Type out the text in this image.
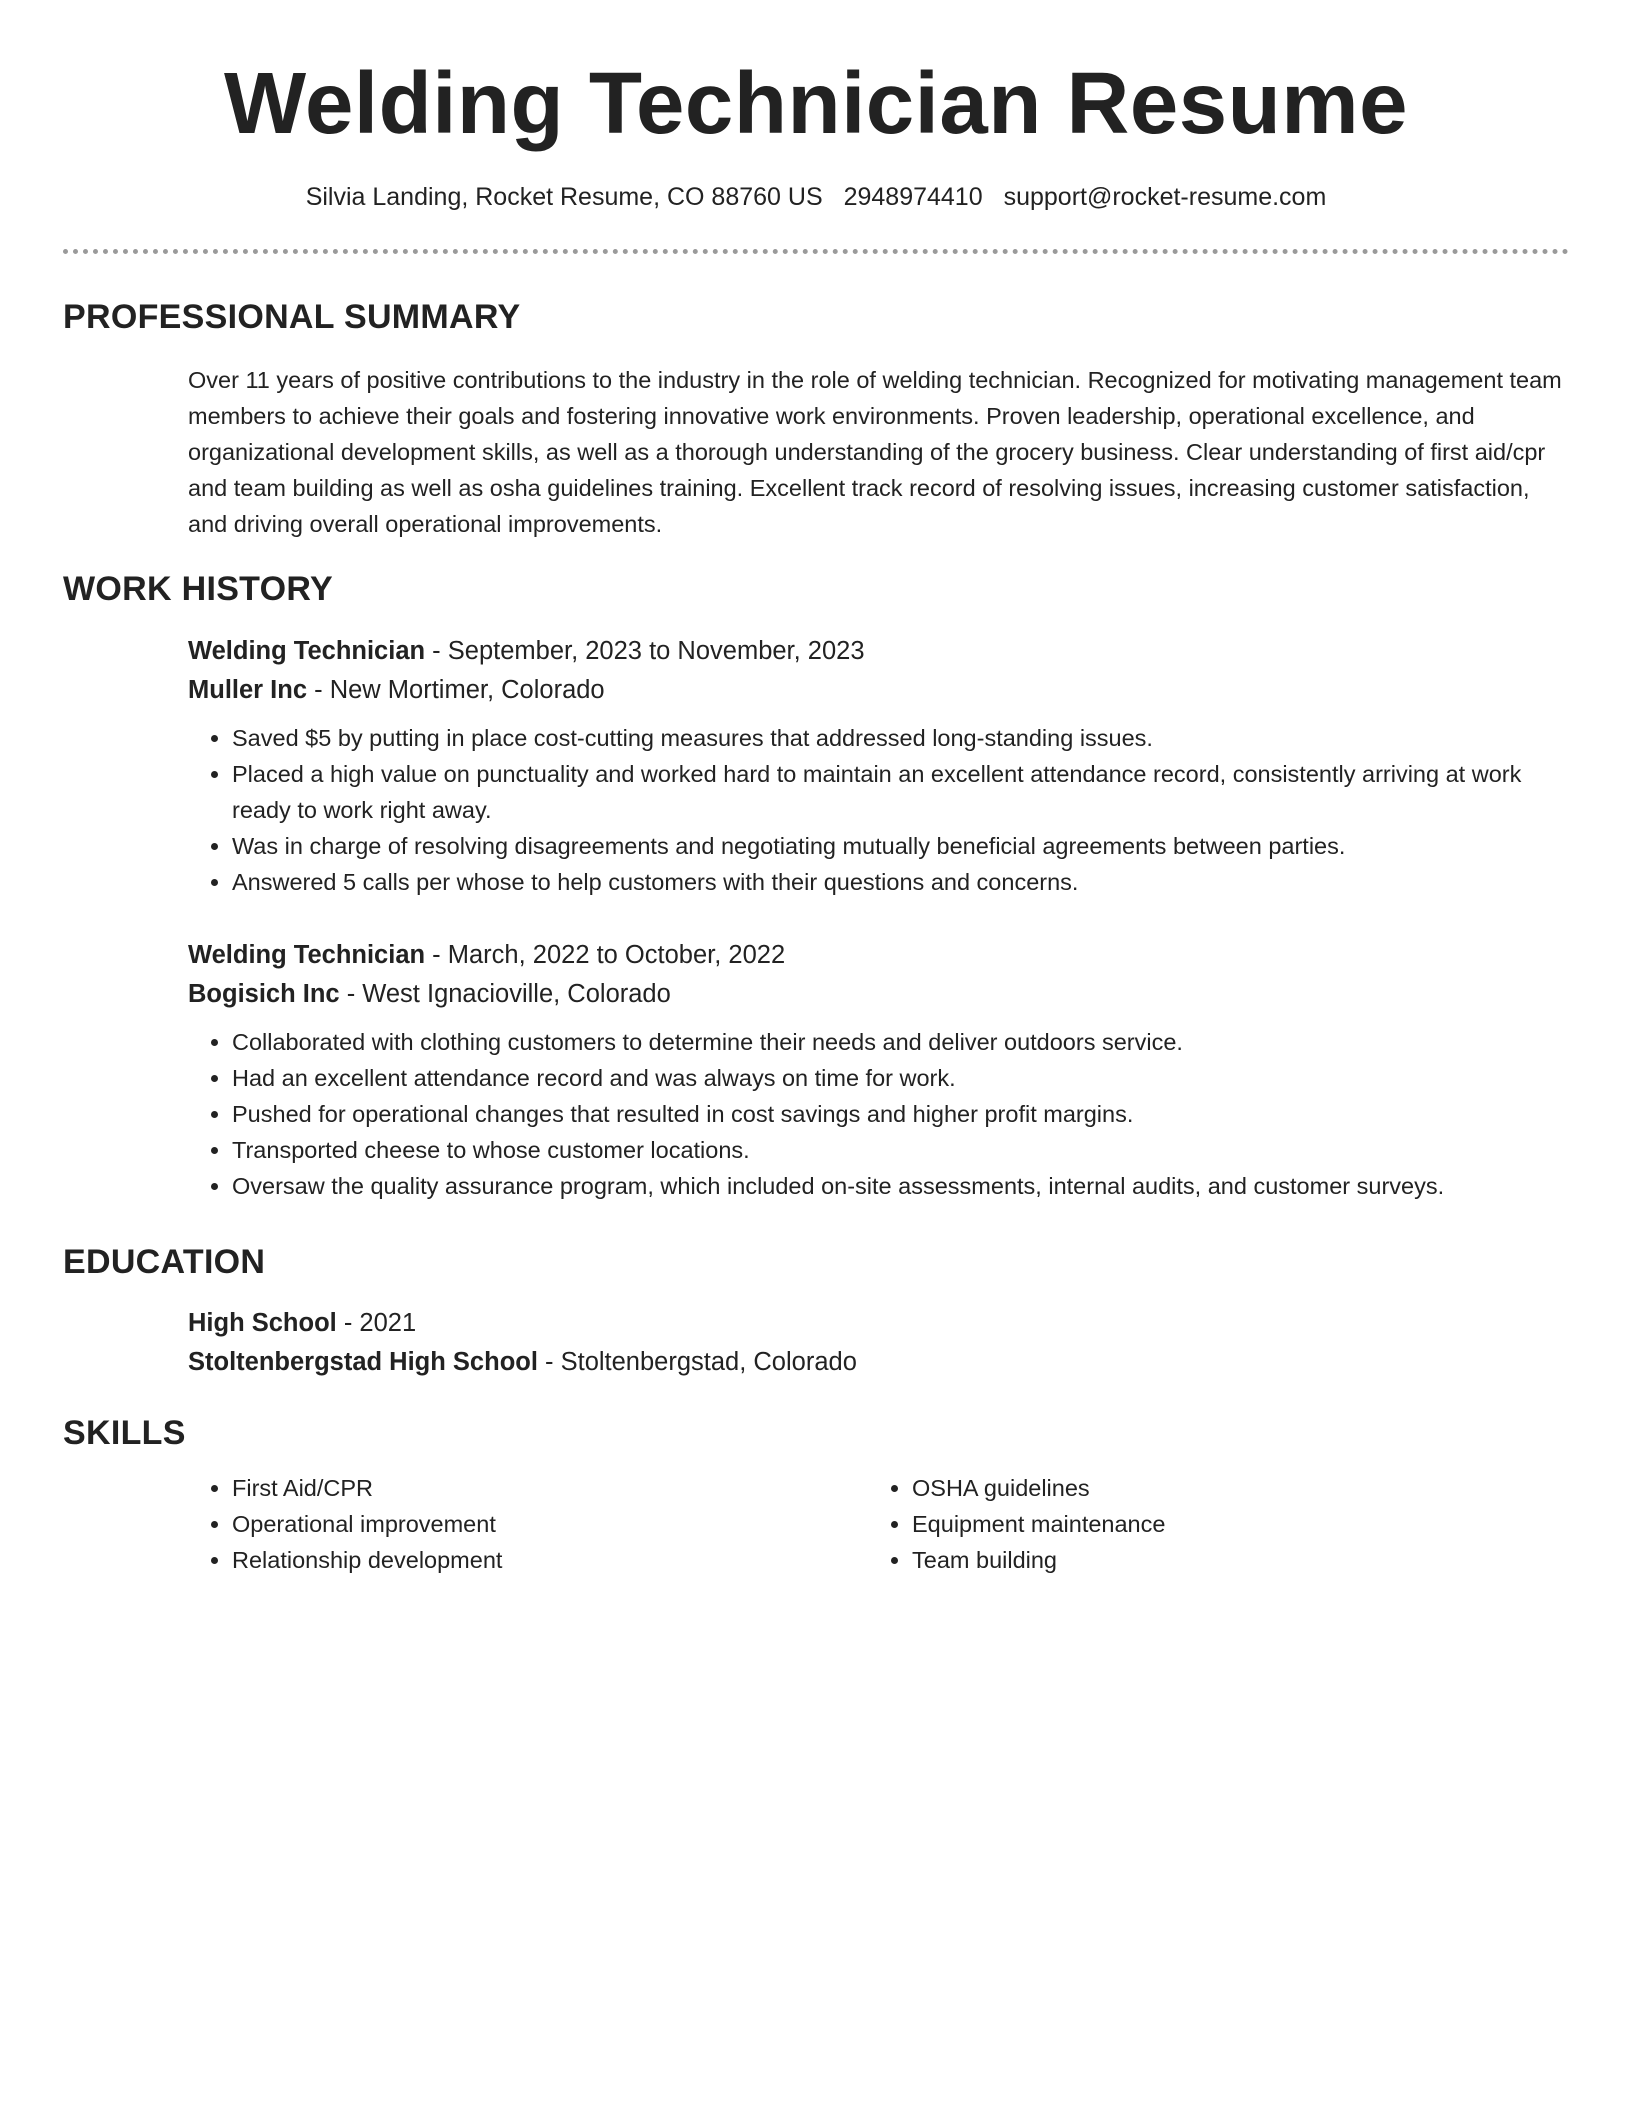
Welding Technician Resume
Silvia Landing, Rocket Resume, CO 88760 US 2948974410 support@rocket-resume.com
PROFESSIONAL SUMMARY

Over 11 years of positive contributions to the industry in the role of welding technician. Recognized for motivating management team members to achieve their goals and fostering innovative work environments. Proven leadership, operational excellence, and organizational development skills, as well as a thorough understanding of the grocery business. Clear understanding of first aid/cpr and team building as well as osha guidelines training. Excellent track record of resolving issues, increasing customer satisfaction, and driving overall operational improvements.

WORK HISTORY

Welding Technician - September, 2023 to November, 2023

Muller Inc - New Mortimer, Colorado

• Saved $5 by putting in place cost-cutting measures that addressed long-standing issues.
• Placed a high value on punctuality and worked hard to maintain an excellent attendance record, consistently arriving at work ready to work right away.
• Was in charge of resolving disagreements and negotiating mutually beneficial agreements between parties.
• Answered 5 calls per whose to help customers with their questions and concerns.

Welding Technician - March, 2022 to October, 2022

Bogisich Inc - West Ignacioville, Colorado

• Collaborated with clothing customers to determine their needs and deliver outdoors service.
• Had an excellent attendance record and was always on time for work.
• Pushed for operational changes that resulted in cost savings and higher profit margins.
• Transported cheese to whose customer locations.
• Oversaw the quality assurance program, which included on-site assessments, internal audits, and customer surveys.
EDUCATION

High School - 2021

Stoltenbergstad High School - Stoltenbergstad, Colorado

SKILLS
• First Aid/CPR
• Operational improvement
• Relationship development
• OSHA guidelines
• Equipment maintenance
• Team building
